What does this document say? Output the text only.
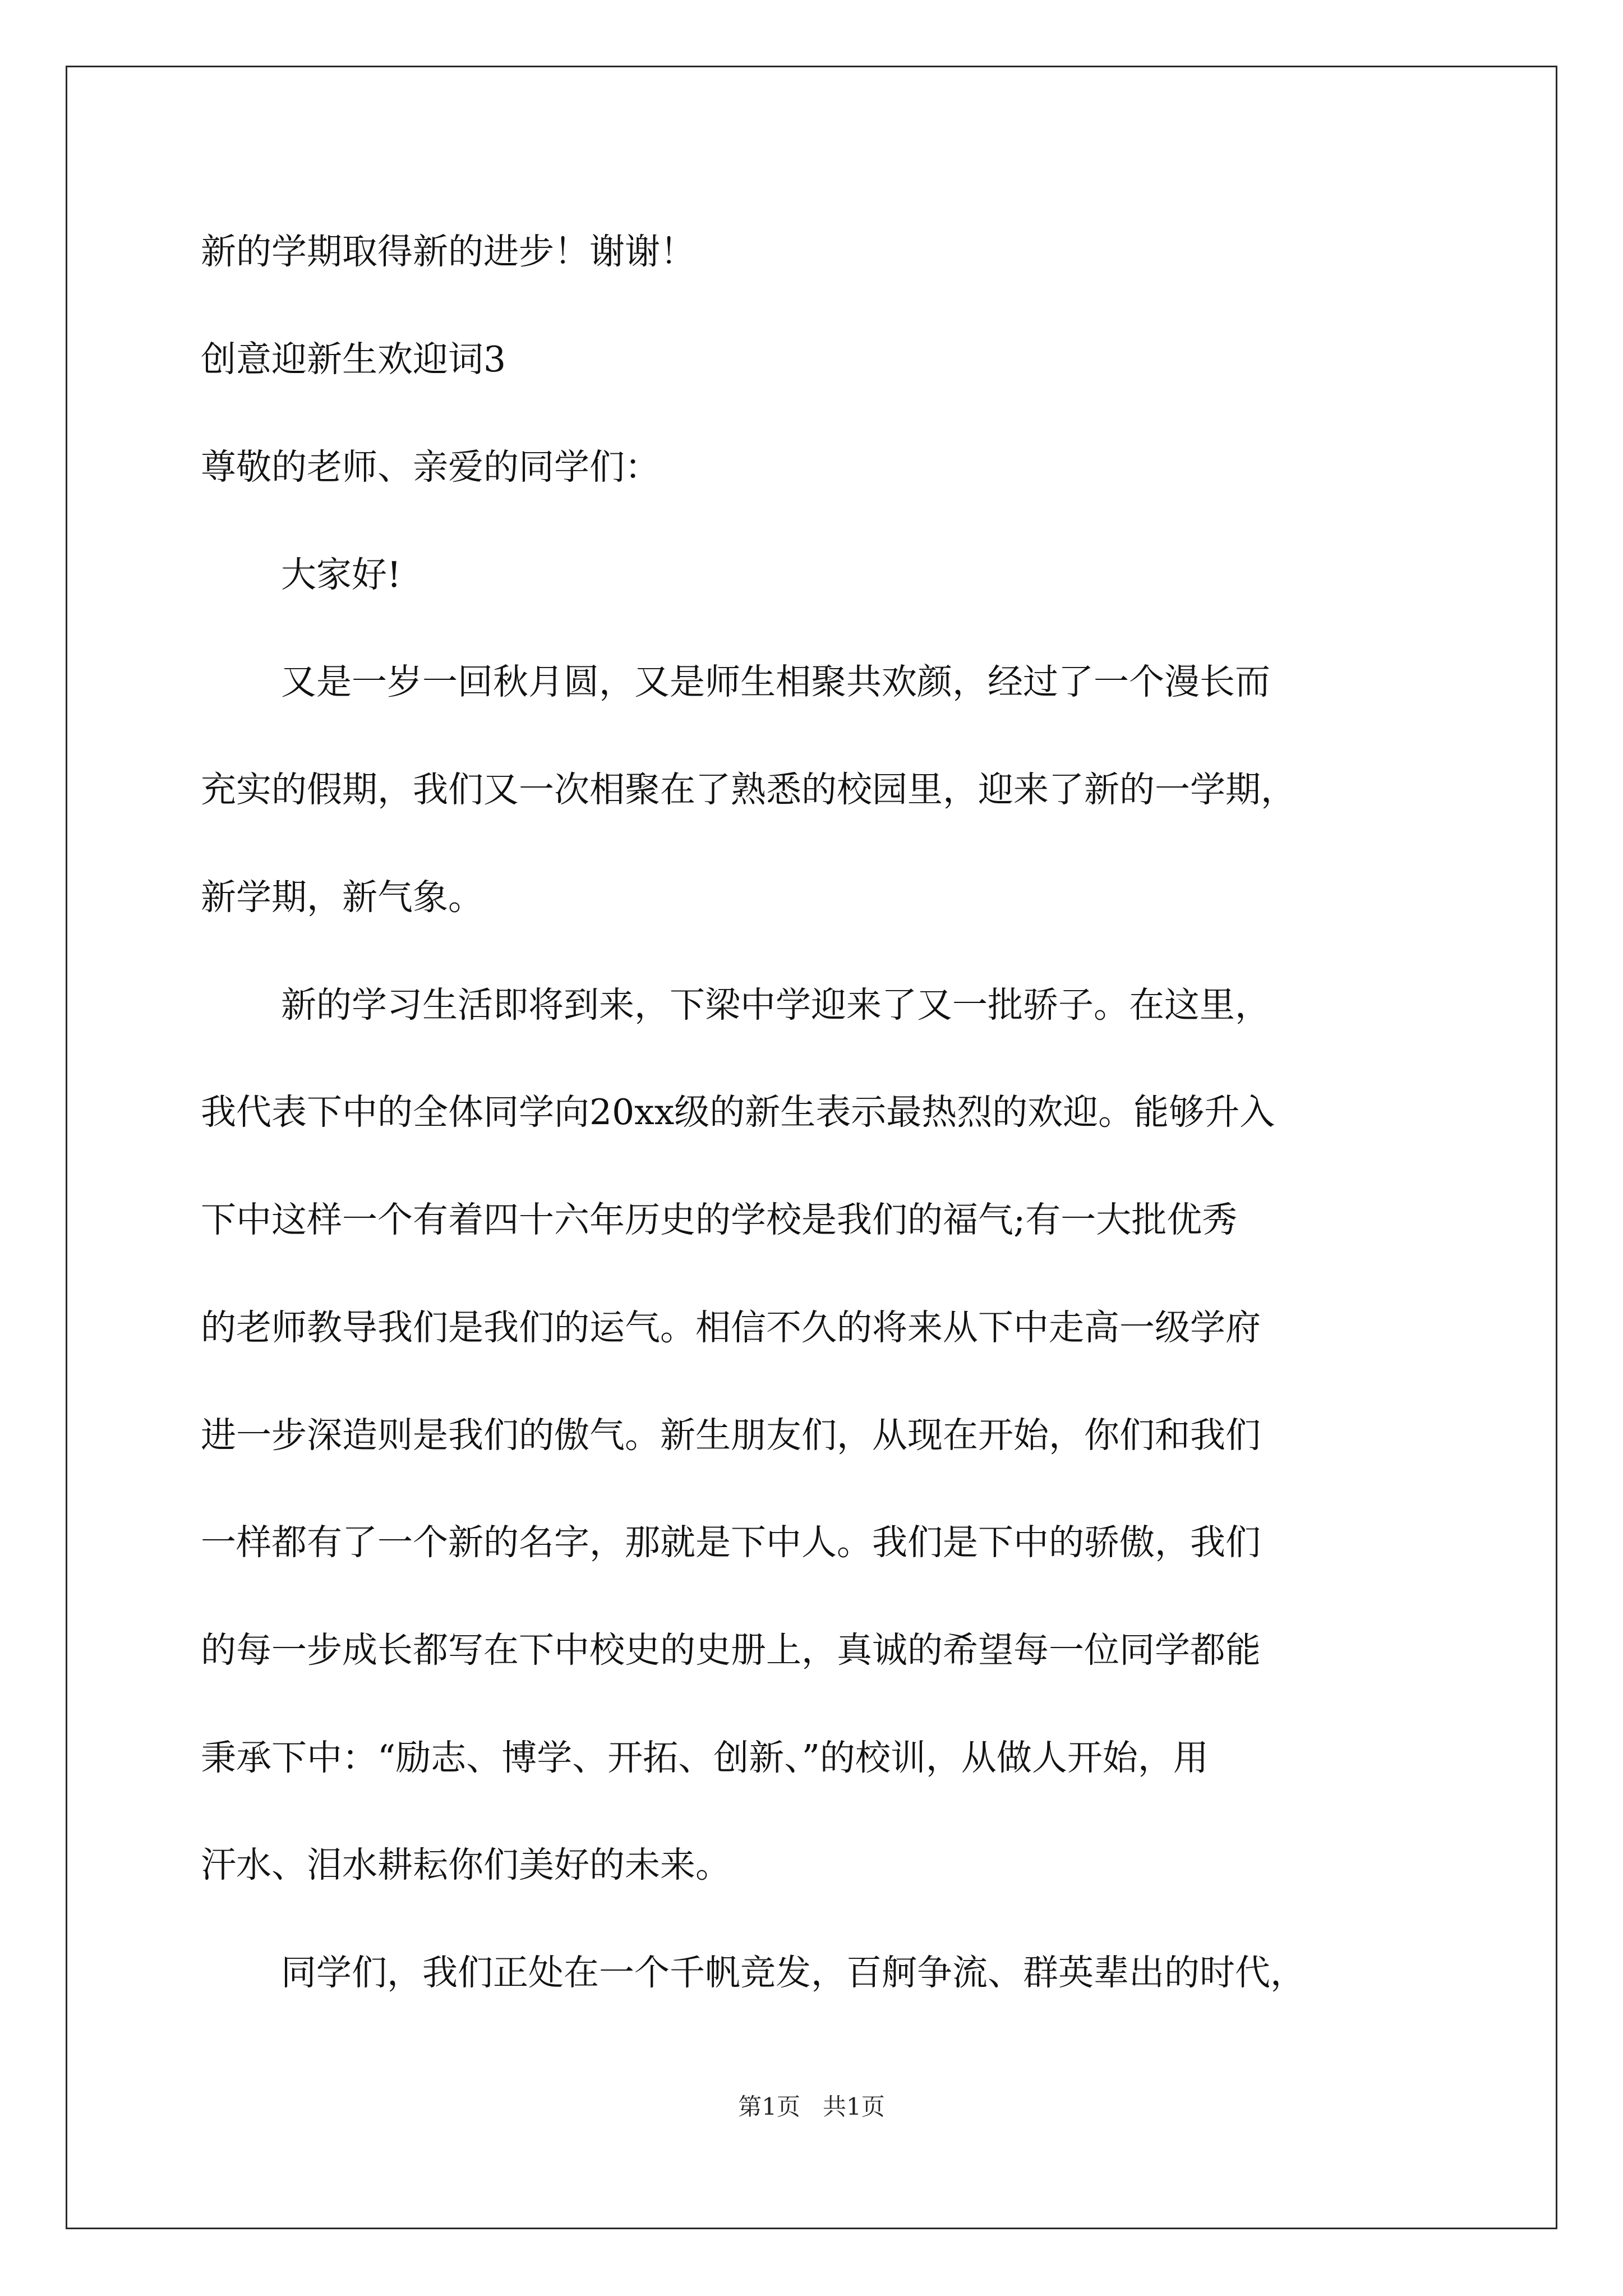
新的学期取得新的进步！谢谢！
创意迎新生欢迎词3
尊敬的老师、亲爱的同学们：
大家好!
又是一岁一回秋月圆，又是师生相聚共欢颜，经过了一个漫长而
充实的假期，我们又一次相聚在了熟悉的校园里，迎来了新的一学期，
新学期，新气象。
新的学习生活即将到来，下梁中学迎来了又一批骄子。在这里，
我代表下中的全体同学向20xx级的新生表示最热烈的欢迎。能够升入
下中这样一个有着四十六年历史的学校是我们的福气;有一大批优秀
的老师教导我们是我们的运气。相信不久的将来从下中走高一级学府
进一步深造则是我们的傲气。新生朋友们，从现在开始，你们和我们
一样都有了一个新的名字，那就是下中人。我们是下中的骄傲，我们
的每一步成长都写在下中校史的史册上，真诚的希望每一位同学都能
秉承下中：“励志、博学、开拓、创新、”的校训，从做人开始，用
汗水、泪水耕耘你们美好的未来。
同学们，我们正处在一个千帆竞发，百舸争流、群英辈出的时代，
第1页   共1页
